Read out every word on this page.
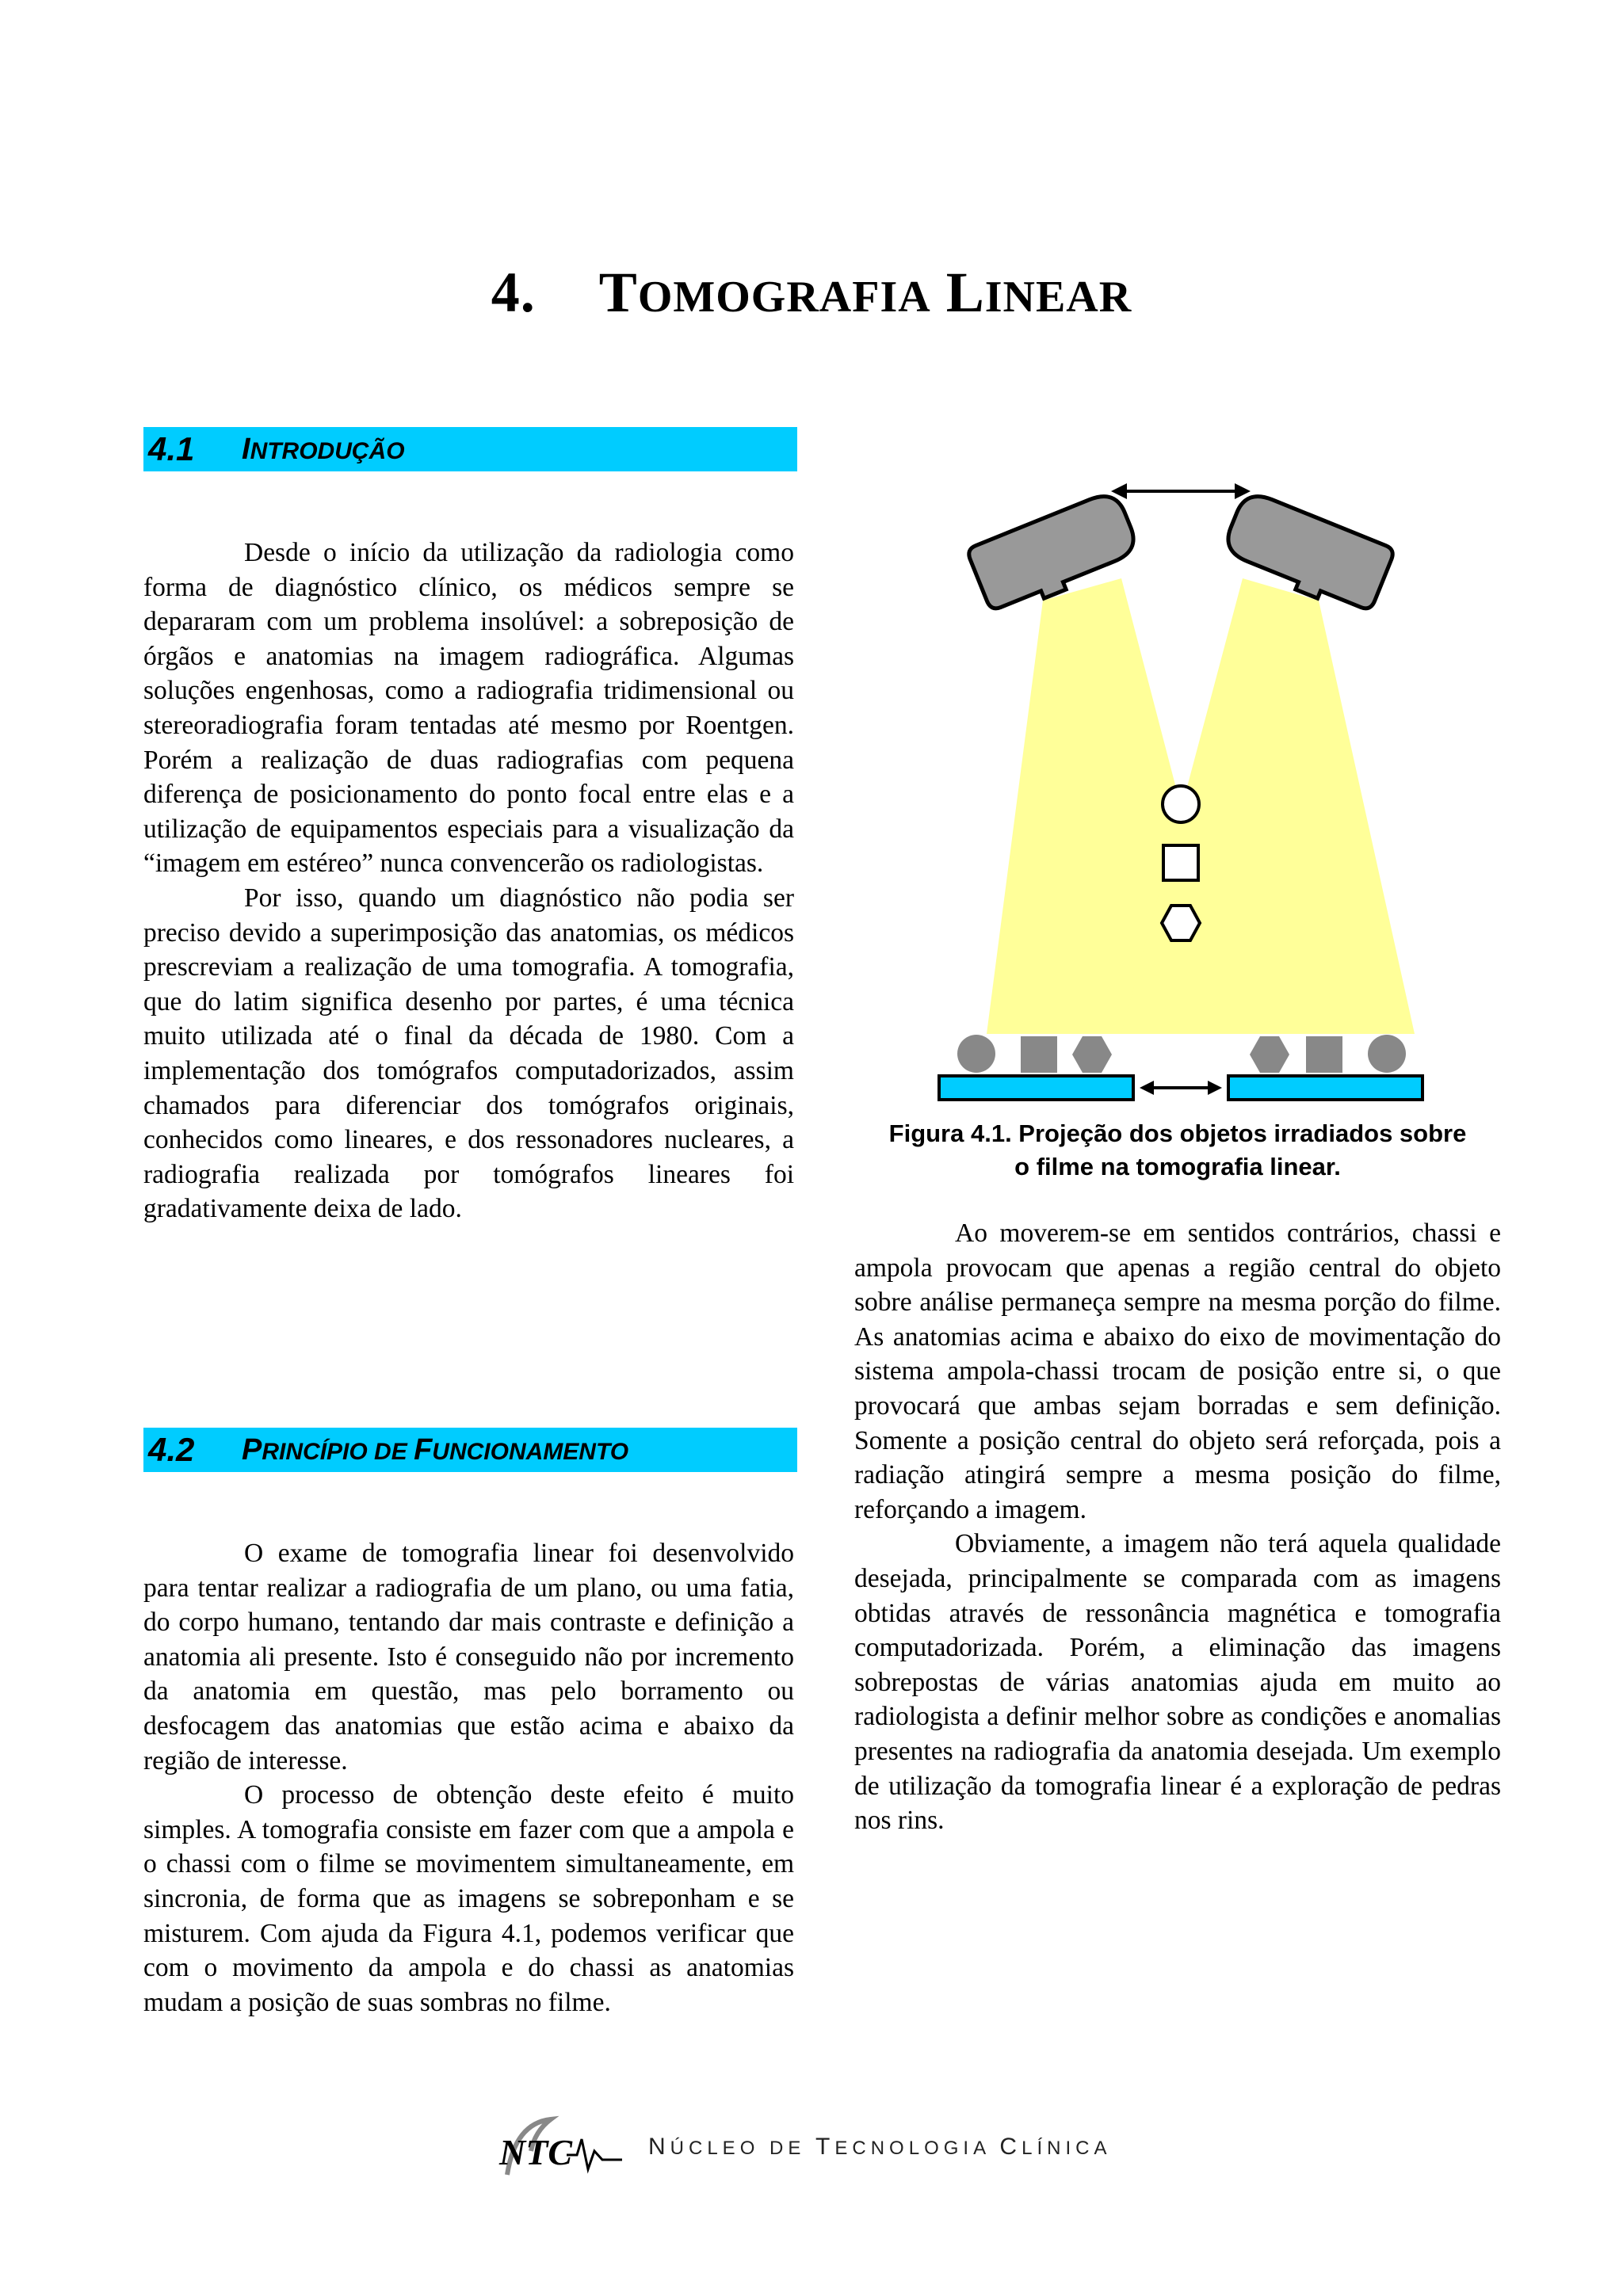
4. TOMOGRAFIA LINEAR
4.1	INTRODUÇÃO

Desde o início da utilização da radiologia como forma de diagnóstico clínico, os médicos sempre se depararam com um problema insolúvel: a sobreposição de órgãos e anatomias na imagem radiográfica. Algumas soluções engenhosas, como a radiografia tridimensional ou stereoradiografia foram tentadas até mesmo por Roentgen. Porém a realização de duas radiografias com pequena diferença de posicionamento do ponto focal entre elas e a utilização de equipamentos especiais para a visualização da “imagem em estéreo” nunca convencerão os radiologistas.

Por isso, quando um diagnóstico não podia ser preciso devido a superimposição das anatomias, os médicos prescreviam a realização de uma tomografia. A tomografia, que do latim significa desenho por partes, é uma técnica muito utilizada até o final da década de 1980. Com a implementação dos tomógrafos computadorizados, assim chamados para diferenciar dos tomógrafos originais, conhecidos como lineares, e dos ressonadores nucleares, a radiografia realizada por tomógrafos lineares foi gradativamente deixa de lado.

4.2	PRINCÍPIO DE FUNCIONAMENTO

O exame de tomografia linear foi desenvolvido para tentar realizar a radiografia de um plano, ou uma fatia, do corpo humano, tentando dar mais contraste e definição a anatomia ali presente. Isto é conseguido não por incremento da anatomia em questão, mas pelo borramento ou desfocagem das anatomias que estão acima e abaixo da região de interesse.

O processo de obtenção deste efeito é muito simples. A tomografia consiste em fazer com que a ampola e o chassi com o filme se movimentem simultaneamente, em sincronia, de forma que as imagens se sobreponham e se misturem. Com ajuda da Figura 4.1, podemos verificar que com o movimento da ampola e do chassi as anatomias mudam a posição de suas sombras no filme.

Figura 4.1. Projeção dos objetos irradiados sobre
o filme na tomografia linear.

Ao moverem-se em sentidos contrários, chassi e ampola provocam que apenas a região central do objeto sobre análise permaneça sempre na mesma porção do filme. As anatomias acima e abaixo do eixo de movimentação do sistema ampola-chassi trocam de posição entre si, o que provocará que ambas sejam borradas e sem definição. Somente a posição central do objeto será reforçada, pois a radiação atingirá sempre a mesma posição do filme, reforçando a imagem.

Obviamente, a imagem não terá aquela qualidade desejada, principalmente se comparada com as imagens obtidas através de ressonância magnética e tomografia computadorizada. Porém, a eliminação das imagens sobrepostas de várias anatomias ajuda em muito ao radiologista a definir melhor sobre as condições e anomalias presentes na radiografia da anatomia desejada. Um exemplo de utilização da tomografia linear é a exploração de pedras nos rins.

NTC	NÚCLEO DE TECNOLOGIA CLÍNICA
